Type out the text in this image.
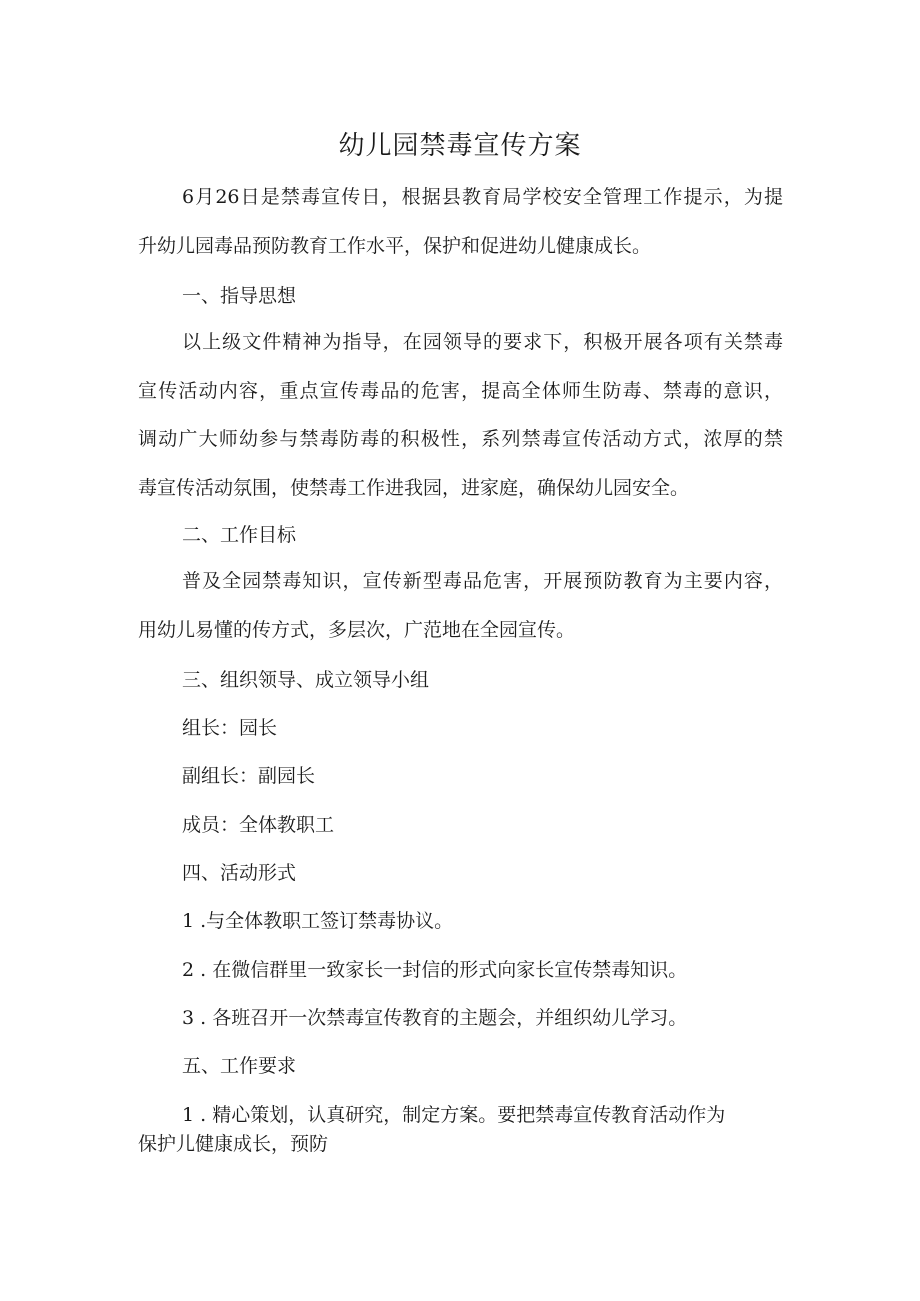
幼儿园禁毒宣传方案
6月26日是禁毒宣传日，根据县教育局学校安全管理工作提示，为提
升幼儿园毒品预防教育工作水平，保护和促进幼儿健康成长。
一、指导思想
以上级文件精神为指导，在园领导的要求下，积极开展各项有关禁毒
宣传活动内容，重点宣传毒品的危害，提高全体师生防毒、禁毒的意识，
调动广大师幼参与禁毒防毒的积极性，系列禁毒宣传活动方式，浓厚的禁
毒宣传活动氛围，使禁毒工作进我园，进家庭，确保幼儿园安全。
二、工作目标
普及全园禁毒知识，宣传新型毒品危害，开展预防教育为主要内容，
用幼儿易懂的传方式，多层次，广范地在全园宣传。
三、组织领导、成立领导小组
组长：园长
副组长：副园长
成员：全体教职工
四、活动形式
1 .与全体教职工签订禁毒协议。
2 . 在微信群里一致家长一封信的形式向家长宣传禁毒知识。
3 . 各班召开一次禁毒宣传教育的主题会，并组织幼儿学习。
五、工作要求
1 . 精心策划，认真研究，制定方案。要把禁毒宣传教育活动作为
保护儿健康成长，预防
